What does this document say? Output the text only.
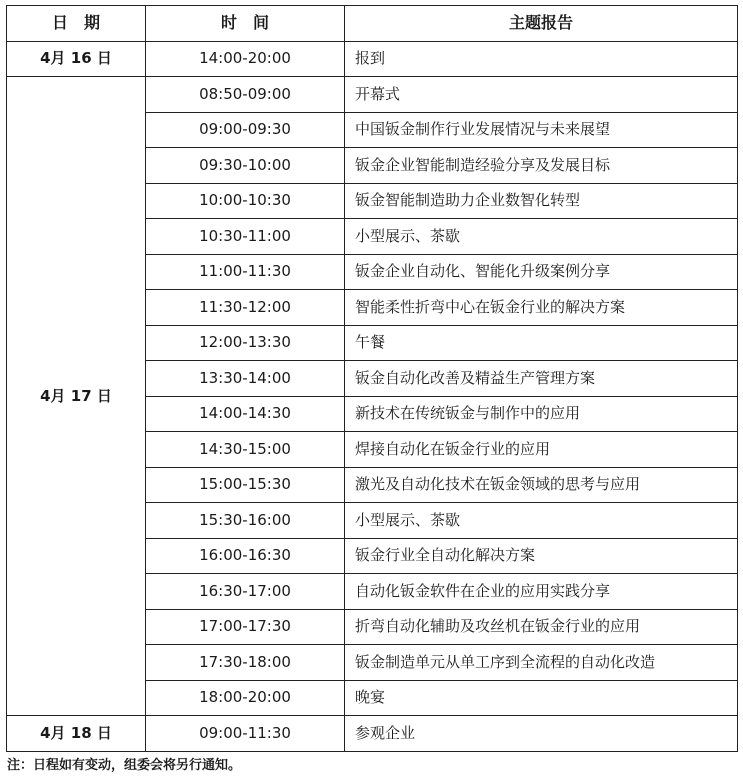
日　期	时　间	主题报告
4月 16 日	14:00-20:00	报到
4月 17 日	08:50-09:00	开幕式
	09:00-09:30	中国钣金制作行业发展情况与未来展望
	09:30-10:00	钣金企业智能制造经验分享及发展目标
	10:00-10:30	钣金智能制造助力企业数智化转型
	10:30-11:00	小型展示、茶歇
	11:00-11:30	钣金企业自动化、智能化升级案例分享
	11:30-12:00	智能柔性折弯中心在钣金行业的解决方案
	12:00-13:30	午餐
	13:30-14:00	钣金自动化改善及精益生产管理方案
	14:00-14:30	新技术在传统钣金与制作中的应用
	14:30-15:00	焊接自动化在钣金行业的应用
	15:00-15:30	激光及自动化技术在钣金领域的思考与应用
	15:30-16:00	小型展示、茶歇
	16:00-16:30	钣金行业全自动化解决方案
	16:30-17:00	自动化钣金软件在企业的应用实践分享
	17:00-17:30	折弯自动化辅助及攻丝机在钣金行业的应用
	17:30-18:00	钣金制造单元从单工序到全流程的自动化改造
	18:00-20:00	晚宴
4月 18 日	09:00-11:30	参观企业
注：日程如有变动，组委会将另行通知。
